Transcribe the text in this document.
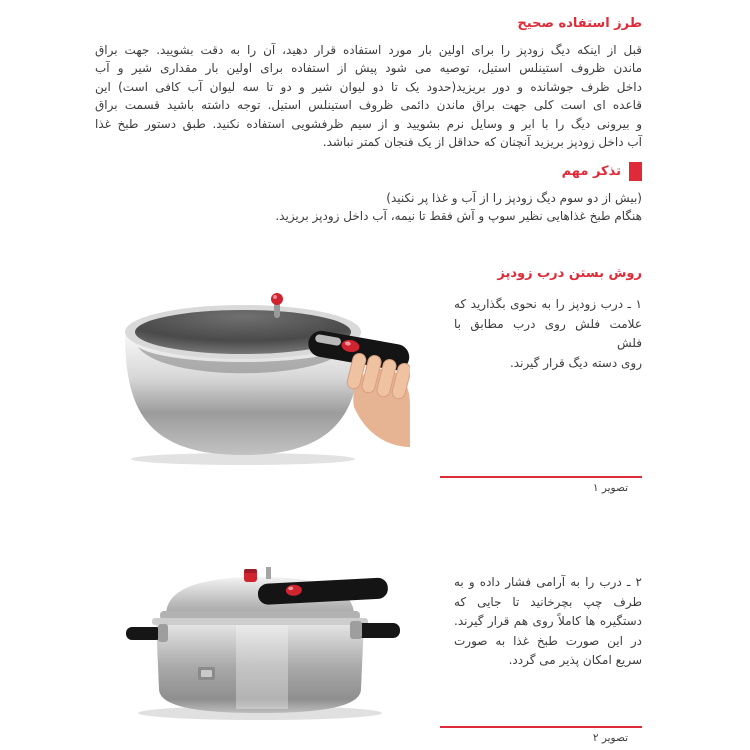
طرز استفاده صحیح
قبل از اینکه دیگ زودپز را برای اولین بار مورد استفاده قرار دهید، آن را به دقت بشویید. جهت براق
ماندن ظروف استینلس استیل، توصیه می شود پیش از استفاده برای اولین بار مقداری شیر و آب
داخل ظرف جوشانده و دور بریزید(حدود یک تا دو لیوان شیر و دو تا سه لیوان آب کافی است) این
قاعده ای است کلی جهت براق ماندن دائمی ظروف استینلس استیل. توجه داشته باشید قسمت براق
و بیرونی دیگ را با ابر و وسایل نرم بشویید و از سیم ظرفشویی استفاده نکنید. طبق دستور طبخ غذا
آب داخل زودپز بریزید آنچنان که حداقل از یک فنجان کمتر نباشد.
تذکر مهم
(بیش از دو سوم دیگ زودپز را از آب و غذا پر نکنید)
هنگام طبخ غذاهایی نظیر سوپ و آش فقط تا نیمه، آب داخل زودپز بریزید.
روش بستن درب زودپز
۱ ـ درب زودپز را به نحوی بگذارید که
علامت فلش روی درب مطابق با فلش
روی دسته دیگ قرار گیرند.
تصویر ۱
۲ ـ درب را به آرامی فشار داده و به
طرف چپ بچرخانید تا جایی که
دستگیره ها کاملاً روی هم قرار گیرند.
در این صورت طبخ غذا به صورت
سریع امکان پذیر می گردد.
تصویر ۲
